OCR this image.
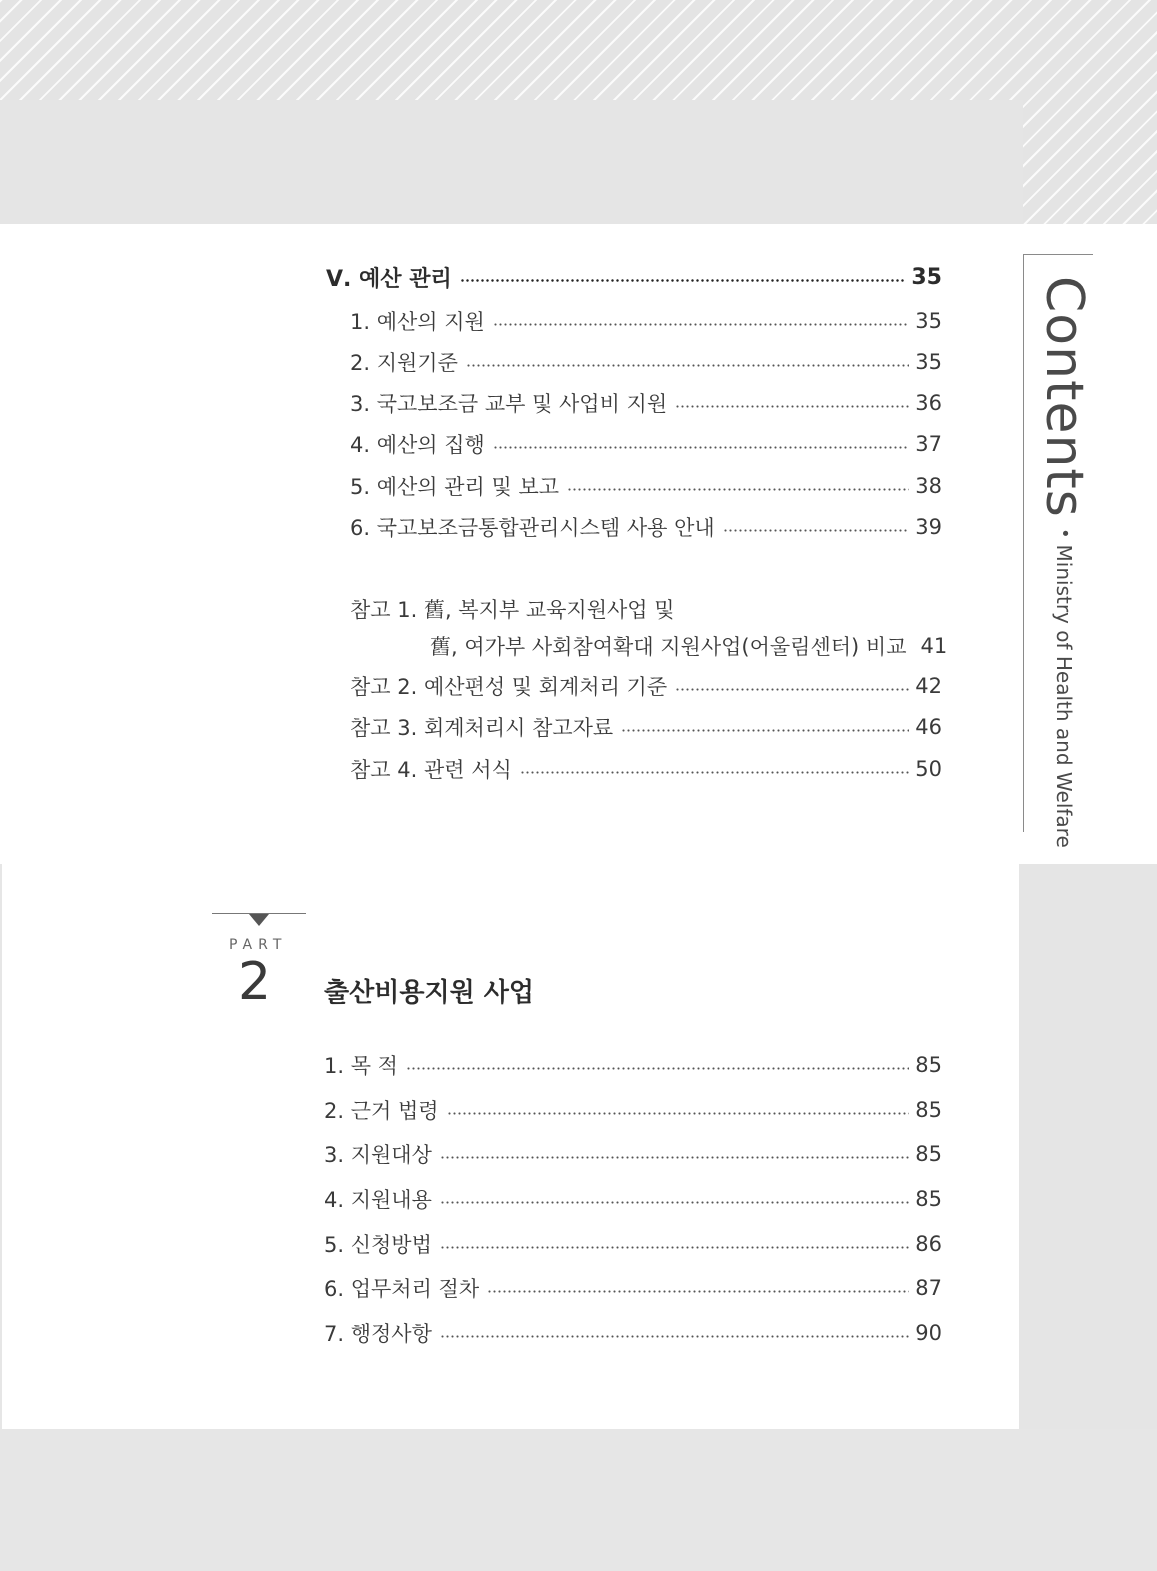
Contents•Ministry of Health and Welfare
Ⅴ. 예산 관리	35
1. 예산의 지원	35
2. 지원기준	35
3. 국고보조금 교부 및 사업비 지원	36
4. 예산의 집행	37
5. 예산의 관리 및 보고	38
6. 국고보조금통합관리시스템 사용 안내	39
참고 1. 舊, 복지부 교육지원사업 및
舊, 여가부 사회참여확대 지원사업(어울림센터) 비교 41
참고 2. 예산편성 및 회계처리 기준	42
참고 3. 회계처리시 참고자료	46
참고 4. 관련 서식	50
PART
2 출산비용지원 사업
1. 목 적	85
2. 근거 법령	85
3. 지원대상	85
4. 지원내용	85
5. 신청방법	86
6. 업무처리 절차	87
7. 행정사항	90
